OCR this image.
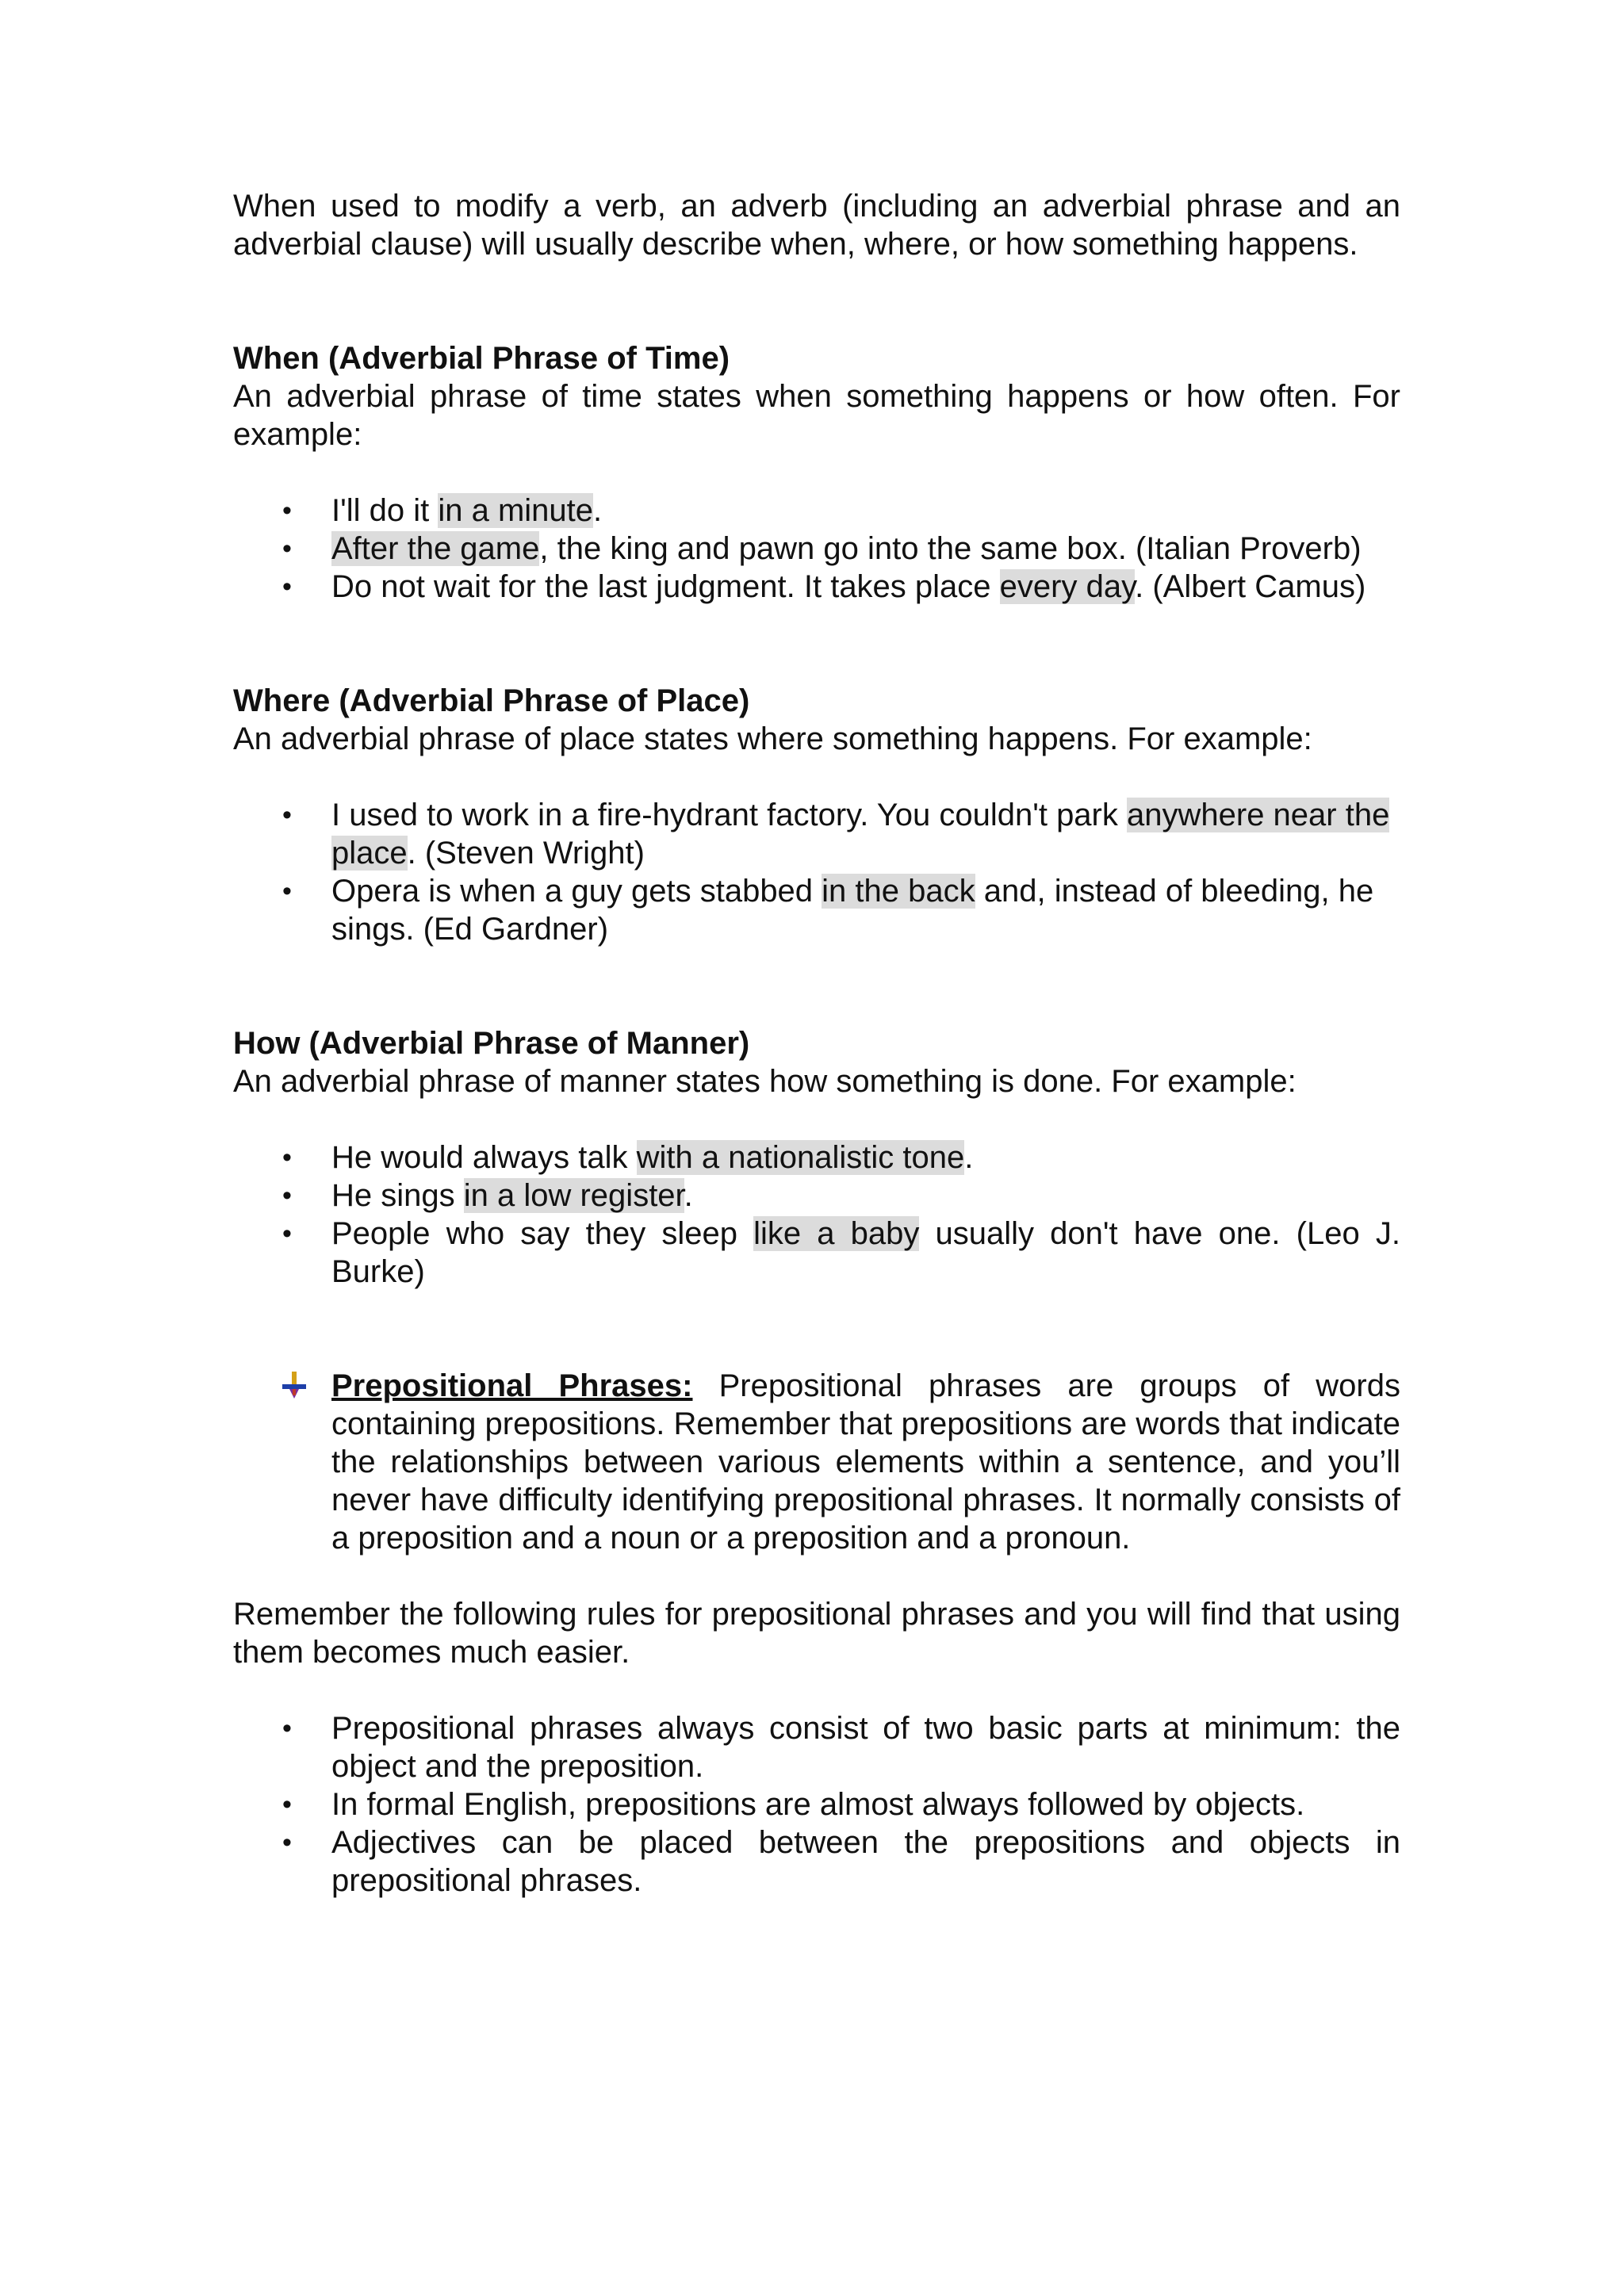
When used to modify a verb, an adverb (including an adverbial phrase and an adverbial clause) will usually describe when, where, or how something happens.

When (Adverbial Phrase of Time)

An adverbial phrase of time states when something happens or how often. For example:

• I'll do it in a minute.
• After the game, the king and pawn go into the same box. (Italian Proverb)
• Do not wait for the last judgment. It takes place every day. (Albert Camus)
Where (Adverbial Phrase of Place)

An adverbial phrase of place states where something happens. For example:

• I used to work in a fire-hydrant factory. You couldn't park anywhere near the place. (Steven Wright)
• Opera is when a guy gets stabbed in the back and, instead of bleeding, he sings. (Ed Gardner)
How (Adverbial Phrase of Manner)

An adverbial phrase of manner states how something is done. For example:

• He would always talk with a nationalistic tone.
• He sings in a low register.
• People who say they sleep like a baby usually don't have one. (Leo J. Burke)
Prepositional Phrases: Prepositional phrases are groups of words containing prepositions. Remember that prepositions are words that indicate the relationships between various elements within a sentence, and you’ll never have difficulty identifying prepositional phrases. It normally consists of a preposition and a noun or a preposition and a pronoun.

Remember the following rules for prepositional phrases and you will find that using them becomes much easier.

• Prepositional phrases always consist of two basic parts at minimum: the object and the preposition.
• In formal English, prepositions are almost always followed by objects.
• Adjectives can be placed between the prepositions and objects in prepositional phrases.
